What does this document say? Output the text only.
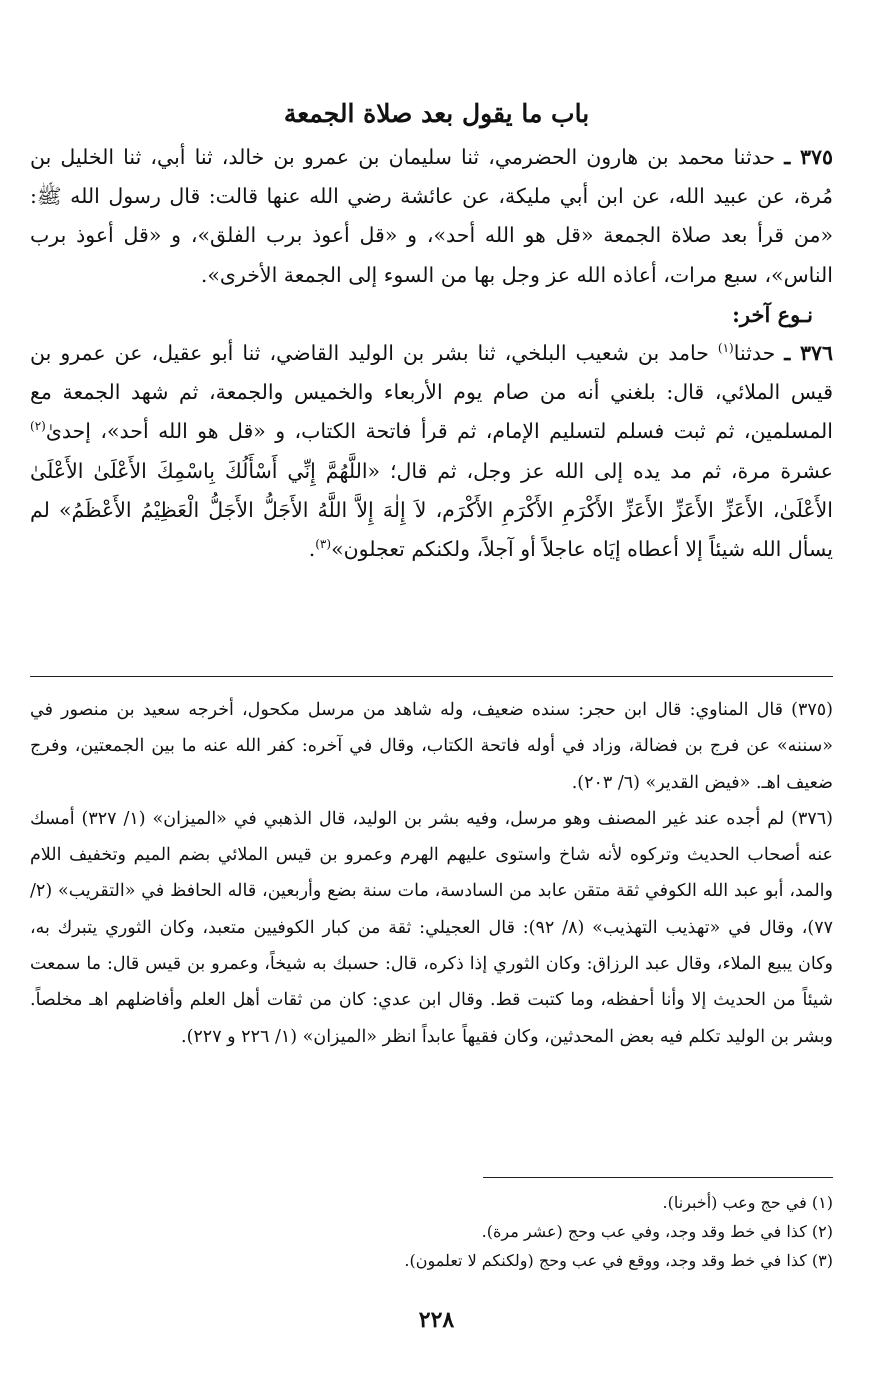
باب ما يقول بعد صلاة الجمعة

٣٧٥ ـ حدثنا محمد بن هارون الحضرمي، ثنا سليمان بن عمرو بن خالد، ثنا أبي، ثنا الخليل بن مُرة، عن عبيد الله، عن ابن أبي مليكة، عن عائشة رضي الله عنها قالت: قال رسول الله ﷺ: «من قرأ بعد صلاة الجمعة «قل هو الله أحد»، و «قل أعوذ برب الفلق»، و «قل أعوذ برب الناس»، سبع مرات، أعاذه الله عز وجل بها من السوء إلى الجمعة الأخرى».

نـوع آخر:

٣٧٦ ـ حدثنا$^{(١)}$ حامد بن شعيب البلخي، ثنا بشر بن الوليد القاضي، ثنا أبو عقيل، عن عمرو بن قيس الملائي، قال: بلغني أنه من صام يوم الأربعاء والخميس والجمعة، ثم شهد الجمعة مع المسلمين، ثم ثبت فسلم لتسليم الإمام، ثم قرأ فاتحة الكتاب، و «قل هو الله أحد»، إحدىٰ$^{(٢)}$ عشرة مرة، ثم مد يده إلى الله عز وجل، ثم قال؛ «اللَّهُمَّ إِنِّي أَسْأَلُكَ بِاسْمِكَ الأَعْلَىٰ الأَعْلَىٰ الأَعْلَىٰ، الأَعَزِّ الأَعَزِّ الأَعَزِّ الأَكْرَمِ الأَكْرَمِ الأَكْرَم، لاَ إِلٰهَ إِلاَّ اللَّهُ الأَجَلُّ الأَجَلُّ الْعَظِيْمُ الأَعْظَمُ» لم يسأل الله شيئاً إلا أعطاه إيَاه عاجلاً أو آجلاً، ولكنكم تعجلون»$^{(٣)}$.

(٣٧٥) قال المناوي: قال ابن حجر: سنده ضعيف، وله شاهد من مرسل مكحول، أخرجه سعيد بن منصور في «سننه» عن فرج بن فضالة، وزاد في أوله فاتحة الكتاب، وقال في آخره: كفر الله عنه ما بين الجمعتين، وفرج ضعيف اهـ. «فيض القدير» (٦/ ٢٠٣).

(٣٧٦) لم أجده عند غير المصنف وهو مرسل، وفيه بشر بن الوليد، قال الذهبي في «الميزان» (١/ ٣٢٧) أمسك عنه أصحاب الحديث وتركوه لأنه شاخ واستوى عليهم الهرم وعمرو بن قيس الملائي بضم الميم وتخفيف اللام والمد، أبو عبد الله الكوفي ثقة متقن عابد من السادسة، مات سنة بضع وأربعين، قاله الحافظ في «التقريب» (٢/ ٧٧)، وقال في «تهذيب التهذيب» (٨/ ٩٢): قال العجيلي: ثقة من كبار الكوفيين متعبد، وكان الثوري يتبرك به، وكان يبيع الملاء، وقال عبد الرزاق: وكان الثوري إذا ذكره، قال: حسبك به شيخاً، وعمرو بن قيس قال: ما سمعت شيئاً من الحديث إلا وأنا أحفظه، وما كتبت قط. وقال ابن عدي: كان من ثقات أهل العلم وأفاضلهم اهـ مخلصاً. وبشر بن الوليد تكلم فيه بعض المحدثين، وكان فقيهاً عابداً انظر «الميزان» (١/ ٢٢٦ و ٢٢٧).

(١) في حج وعب (أخبرنا).
(٢) كذا في خط وقد وجد، وفي عب وحج (عشر مرة).
(٣) كذا في خط وقد وجد، ووقع في عب وحج (ولكنكم لا تعلمون).
٢٢٨
